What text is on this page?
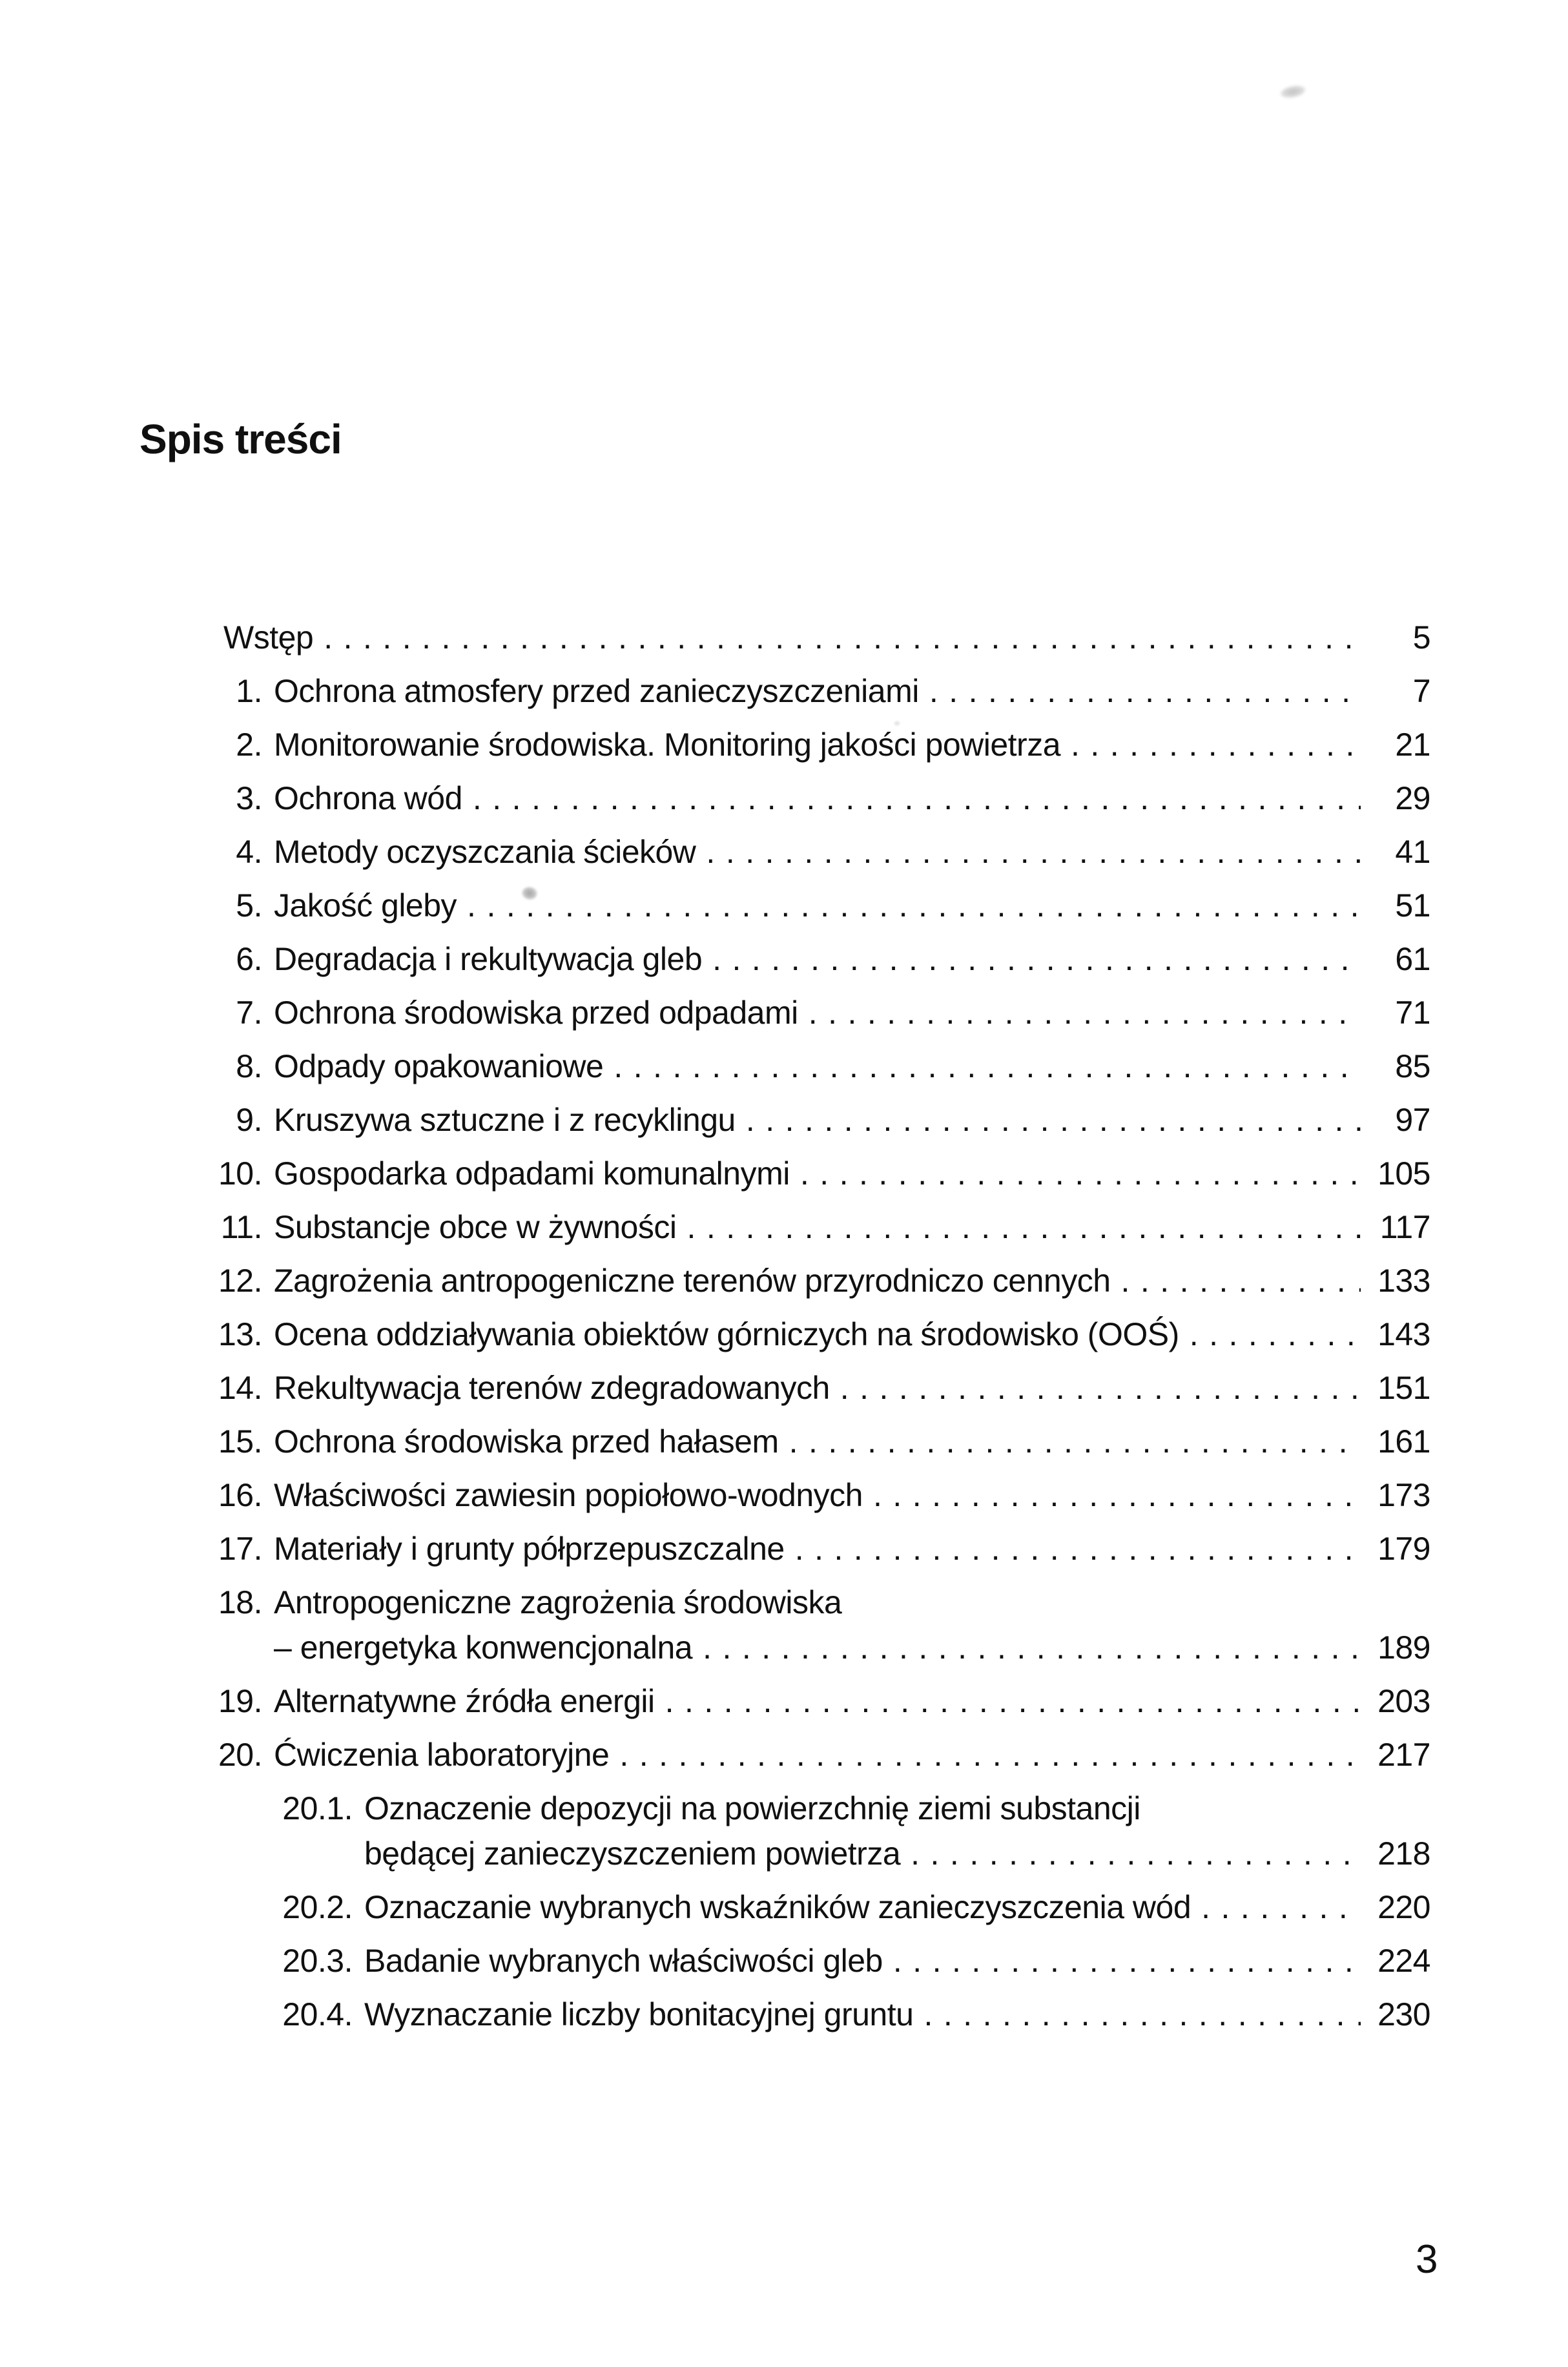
Spis treści
Wstęp .....	5
1. Ochrona atmosfery przed zanieczyszczeniami .....	7
2. Monitorowanie środowiska. Monitoring jakości powietrza .....	21
3. Ochrona wód .....	29
4. Metody oczyszczania ścieków .....	41
5. Jakość gleby .....	51
6. Degradacja i rekultywacja gleb .....	61
7. Ochrona środowiska przed odpadami .....	71
8. Odpady opakowaniowe .....	85
9. Kruszywa sztuczne i z recyklingu .....	97
10. Gospodarka odpadami komunalnymi .....	105
11. Substancje obce w żywności .....	117
12. Zagrożenia antropogeniczne terenów przyrodniczo cennych .....	133
13. Ocena oddziaływania obiektów górniczych na środowisko (OOŚ) .....	143
14. Rekultywacja terenów zdegradowanych .....	151
15. Ochrona środowiska przed hałasem .....	161
16. Właściwości zawiesin popiołowo-wodnych .....	173
17. Materiały i grunty półprzepuszczalne .....	179
18. Antropogeniczne zagrożenia środowiska
– energetyka konwencjonalna .....	189
19. Alternatywne źródła energii .....	203
20. Ćwiczenia laboratoryjne .....	217
20.1. Oznaczenie depozycji na powierzchnię ziemi substancji
będącej zanieczyszczeniem powietrza .....	218
20.2. Oznaczanie wybranych wskaźników zanieczyszczenia wód .....	220
20.3. Badanie wybranych właściwości gleb .....	224
20.4. Wyznaczanie liczby bonitacyjnej gruntu .....	230
3
